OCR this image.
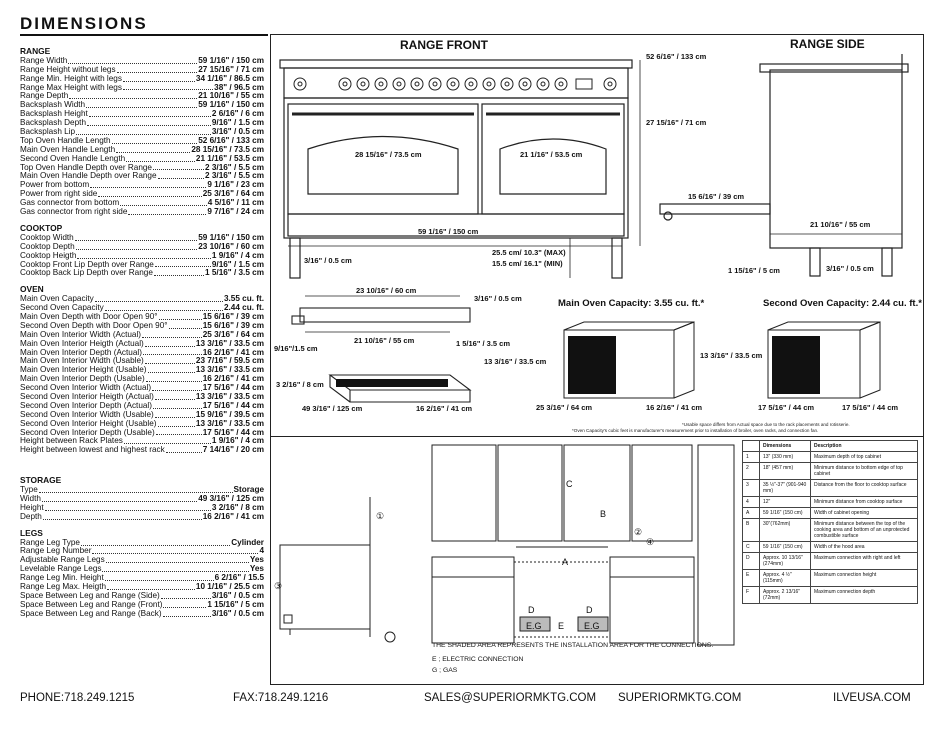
DIMENSIONS
RANGE
Range Width	59 1/16" / 150 cm
Range Height without legs	27 15/16" / 71 cm
Range Min. Height with legs	34 1/16" / 86.5 cm
Range Max Height with legs	38" / 96.5 cm
Range Depth	21 10/16" / 55 cm
Backsplash Width	59 1/16" / 150 cm
Backsplash Height	2 6/16" / 6 cm
Backsplash Depth	9/16" / 1.5 cm
Backsplash Lip	3/16" / 0.5 cm
Top Oven Handle Length	52 6/16" / 133 cm
Main Oven Handle Length	28 15/16" / 73.5 cm
Second Oven Handle Length	21 1/16" / 53.5 cm
Top Oven Handle Depth over Range	2 3/16" / 5.5 cm
Main Oven Handle Depth over Range	2 3/16" / 5.5 cm
Power from bottom	9 1/16" / 23 cm
Power from right side	25 3/16" / 64 cm
Gas connector from bottom	4 5/16" / 11 cm
Gas connector from right side	9 7/16" / 24 cm
COOKTOP
Cooktop Width	59 1/16" / 150 cm
Cooktop Depth	23 10/16" / 60 cm
Cooktop Heigth	1 9/16" / 4 cm
Cooktop Front Lip Depth over Range	9/16" / 1.5 cm
Cooktop Back Lip Depth over Range	1 5/16" / 3.5 cm
OVEN
Main Oven Capacity	3.55 cu. ft.
Second Oven Capacity	2.44 cu. ft.
Main Oven Depth with Door Open 90°	15 6/16" / 39 cm
Second Oven Depth with Door Open 90°	15 6/16" / 39 cm
Main Oven Interior Width (Actual)	25 3/16" / 64 cm
Main Oven Interior Heigth (Actual)	13 3/16" / 33.5 cm
Main Oven Interior Depth (Actual)	16 2/16" / 41 cm
Main Oven Interior Width (Usable)	23 7/16" / 59.5 cm
Main Oven Interior Height (Usable)	13 3/16" / 33.5 cm
Main Oven Interior Depth (Usable)	16 2/16" / 41 cm
Second Oven Interior Width (Actual)	17 5/16" / 44 cm
Second Oven Interior Heigth (Actual)	13 3/16" / 33.5 cm
Second Oven Interior Depth (Actual)	17 5/16" / 44 cm
Second Oven Interior Width (Usable)	15 9/16" / 39.5 cm
Second Oven Interior Height (Usable)	13 3/16" / 33.5 cm
Second Oven Interior Depth (Usable)	17 5/16" / 44 cm
Height between Rack Plates	1 9/16" / 4 cm
Height between lowest and highest rack	7 14/16" / 20 cm
STORAGE
Type	Storage
Width	49 3/16" / 125 cm
Height	3 2/16" / 8 cm
Depth	16 2/16" / 41 cm
LEGS
Range Leg Type	Cylinder
Range Leg Number	4
Adjustable Range Legs	Yes
Levelable Range Legs	Yes
Range Leg Min. Height	6 2/16" / 15.5
Range Leg Max. Heigth	10 1/16" / 25.5 cm
Space Between Leg and Range (Side)	3/16" / 0.5 cm
Space Between Leg and Range (Front)	1 15/16" / 5 cm
Space Between Leg and Range (Back)	3/16" / 0.5 cm
RANGE FRONT
52 6/16" / 133 cm
27 15/16" / 71 cm
28 15/16" / 73.5 cm	21 1/16" / 53.5 cm
59 1/16" / 150 cm
3/16" / 0.5 cm
25.5 cm/ 10.3" (MAX)
15.5 cm/ 16.1" (MIN)
RANGE SIDE
15 6/16" / 39 cm
21 10/16" / 55 cm
1 15/16" / 5 cm	3/16" / 0.5 cm
23 10/16" / 60 cm
3/16" / 0.5 cm
21 10/16" / 55 cm	1 5/16" / 3.5 cm
9/16"/1.5 cm
3 2/16" / 8 cm
49 3/16" / 125 cm	16 2/16" / 41 cm
Main Oven Capacity: 3.55 cu. ft.*	Second Oven Capacity: 2.44 cu. ft.*
13 3/16" / 33.5 cm
25 3/16" / 64 cm	16 2/16" / 41 cm
13 3/16" / 33.5 cm
17 5/16" / 44 cm	17 5/16" / 44 cm
*Usable space differs from Actual space due to the rack placements and rotisserie.
*Oven Capacity's cubic feet is manufacturer's measurement prior to installation of broiler, oven racks, and connection fan.
C
B
A
D	D
E
E.G	E.G
①
②
③
④
THE SHADED AREA REPRESENTS THE INSTALLATION AREA FOR THE CONNECTIONS.
E ; ELECTRIC CONNECTION
G ; GAS
	Dimensions	Description
1	13" (330 mm)	Maximum depth of top cabinet
2	18" (457 mm)	Minimum distance to bottom edge of top cabinet
3	35 ½"-37" (901-940 mm)	Distance from the floor to cooktop surface
4	12"	Minimum distance from cooktop surface
A	59 1/16" (150 cm)	Width of cabinet opening
B	30"(762mm)	Minimum distance between the top of the cooking area and bottom of an unprotected combustible surface
C	59 1/16" (150 cm)	Width of the hood area
D	Approx. 10 13/16" (274mm)	Maximum connection with right and left
E	Approx. 4 ½" (115mm)	Maximum connection height
F	Approx. 2 13/16" (72mm)	Maximum connection depth
PHONE:718.249.1215	FAX:718.249.1216	SALES@SUPERIORMKTG.COM SUPERIORMKTG.COM	ILVEUSA.COM
